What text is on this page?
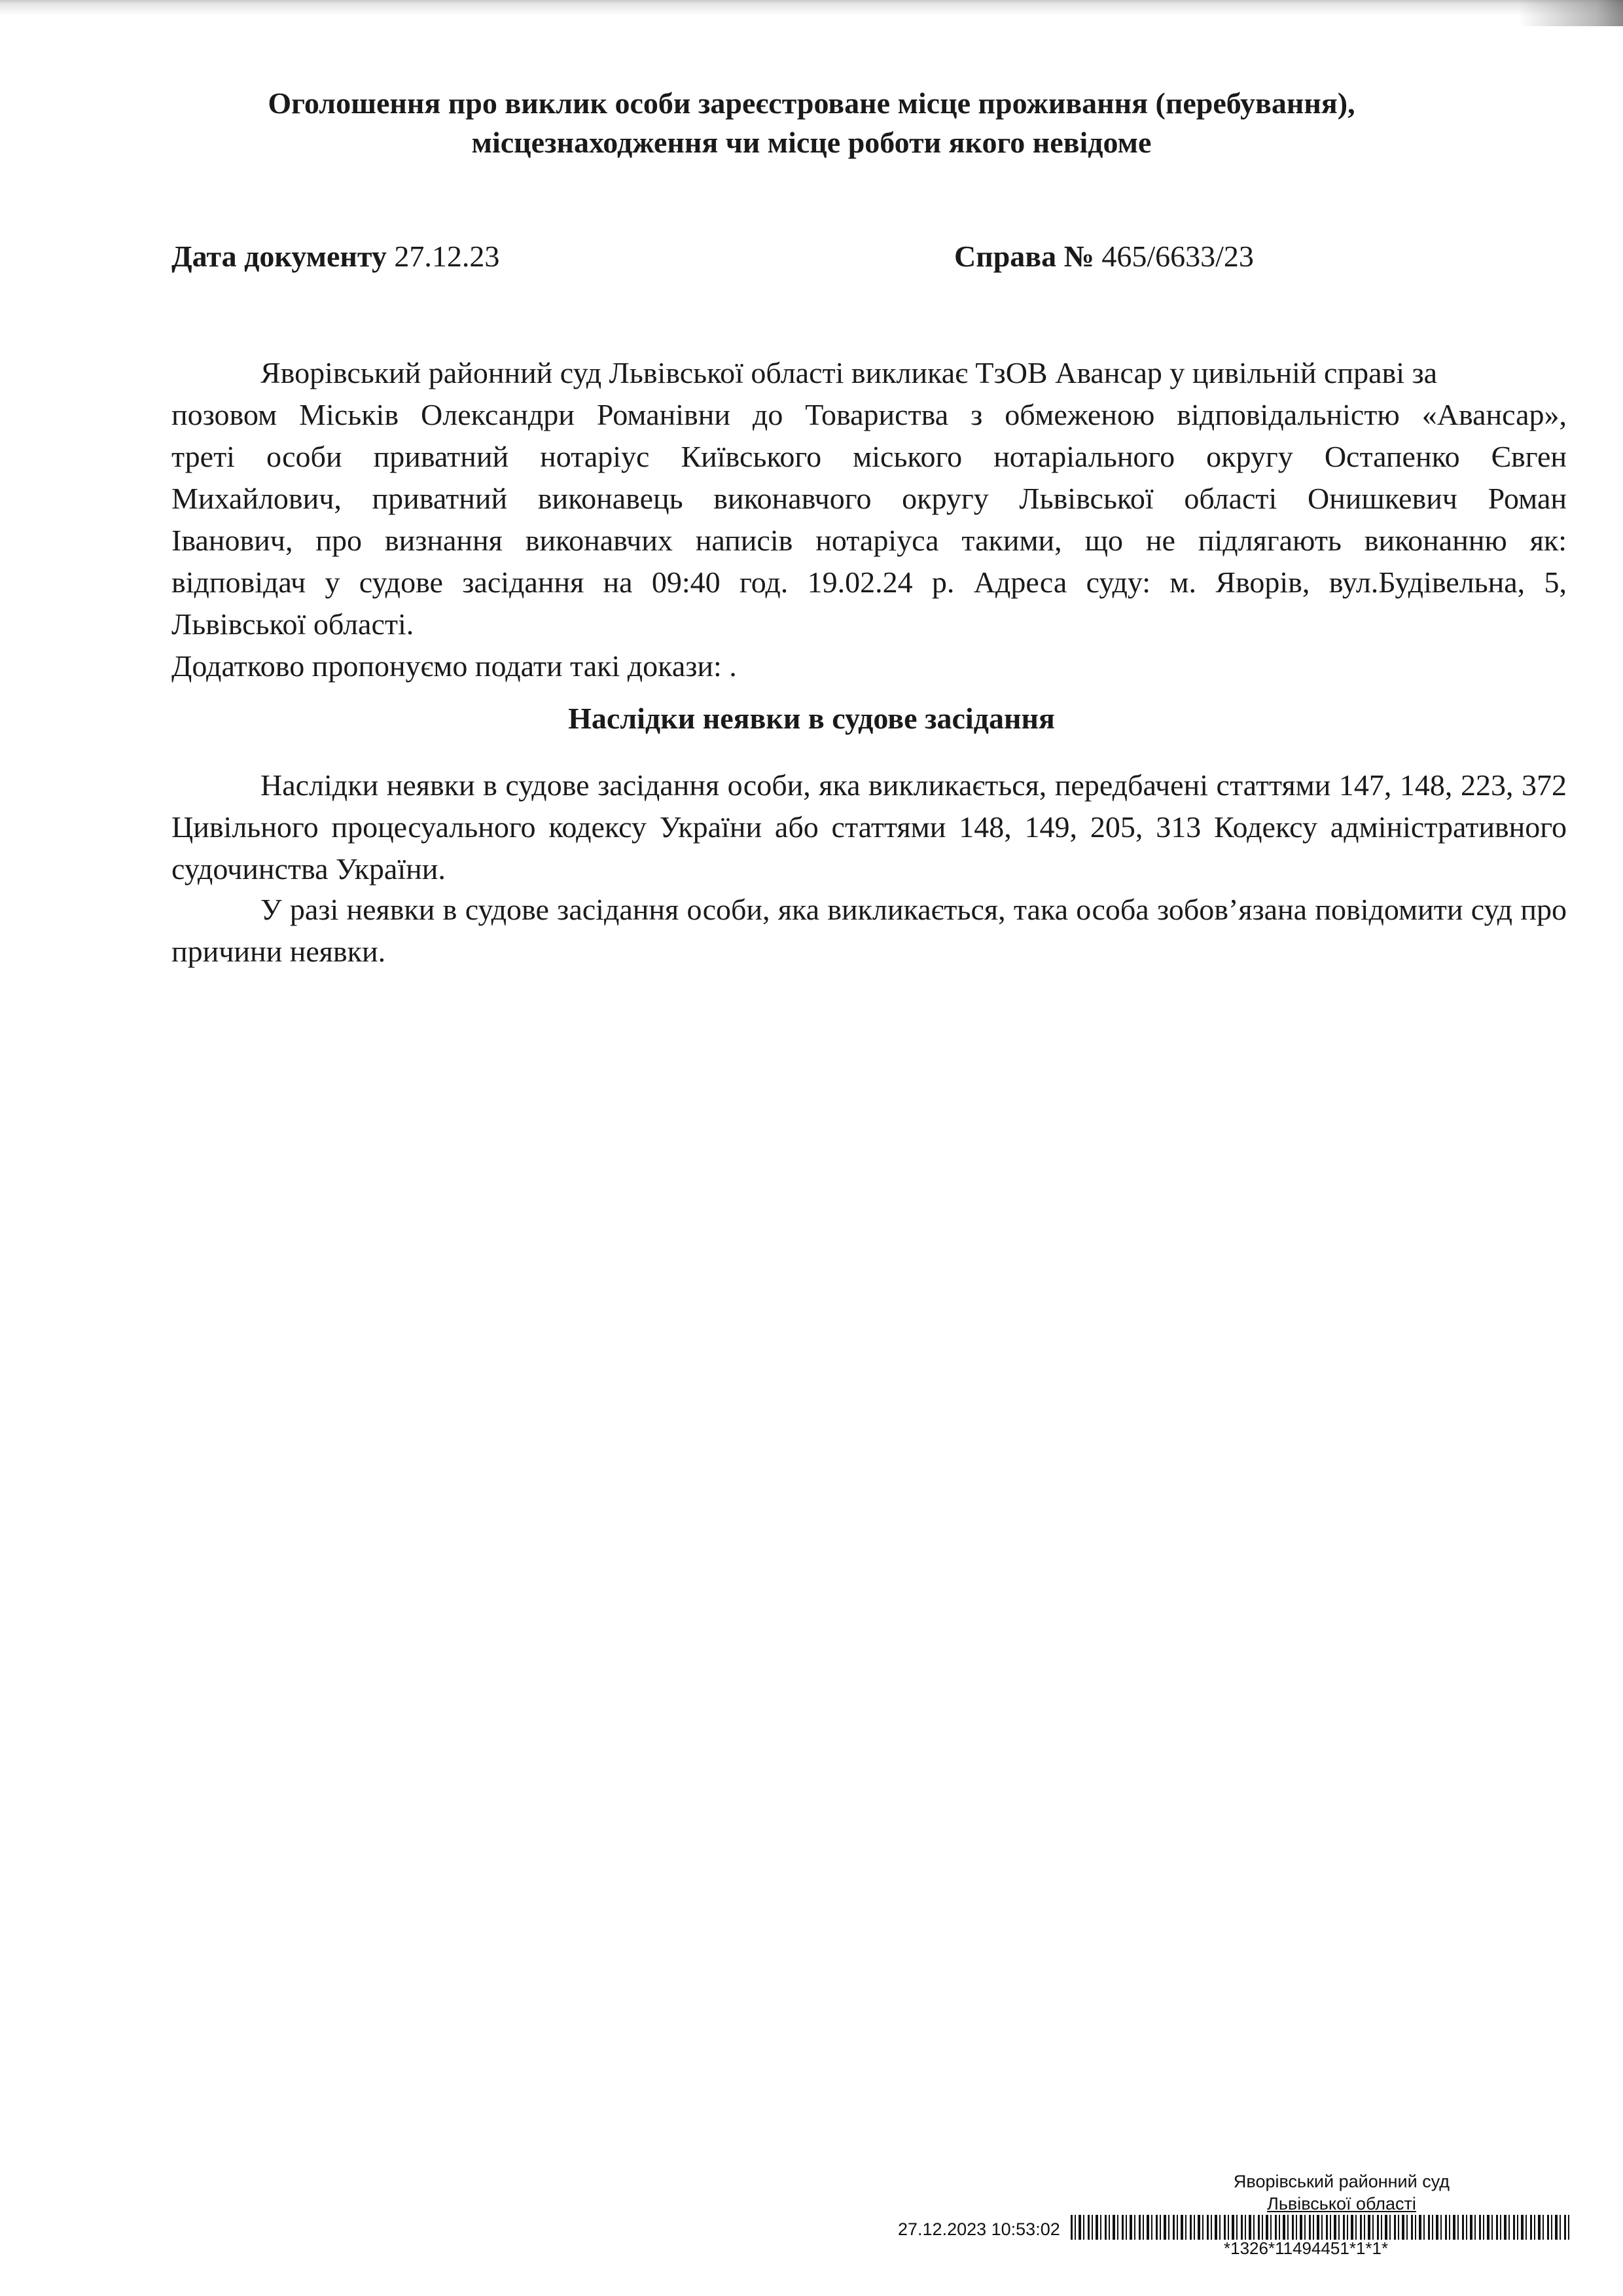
Оголошення про виклик особи зареєстроване місце проживання (перебування),
місцезнаходження чи місце роботи якого невідоме
Дата документу 27.12.23	Справа № 465/6633/23
Яворівський районний суд Львівської області викликає ТзОВ Авансар у цивільній справі за
позовом Міськів Олександри Романівни до Товариства з обмеженою відповідальністю «Авансар»,
треті особи приватний нотаріус Київського міського нотаріального округу Остапенко Євген
Михайлович, приватний виконавець виконавчого округу Львівської області Онишкевич Роман
Іванович, про визнання виконавчих написів нотаріуса такими, що не підлягають виконанню як:
відповідач у судове засідання на 09:40 год. 19.02.24 р. Адреса суду: м. Яворів, вул.Будівельна, 5,
Львівської області.
Додатково пропонуємо подати такі докази: .
Наслідки неявки в судове засідання
Наслідки неявки в судове засідання особи, яка викликається, передбачені статтями 147, 148, 223, 372 Цивільного процесуального кодексу України або статтями 148, 149, 205, 313 Кодексу адміністративного судочинства України.
У разі неявки в судове засідання особи, яка викликається, така особа зобов’язана повідомити суд про причини неявки.
Яворівський районний суд
Львівської області
27.12.2023 10:53:02
*1326*11494451*1*1*
